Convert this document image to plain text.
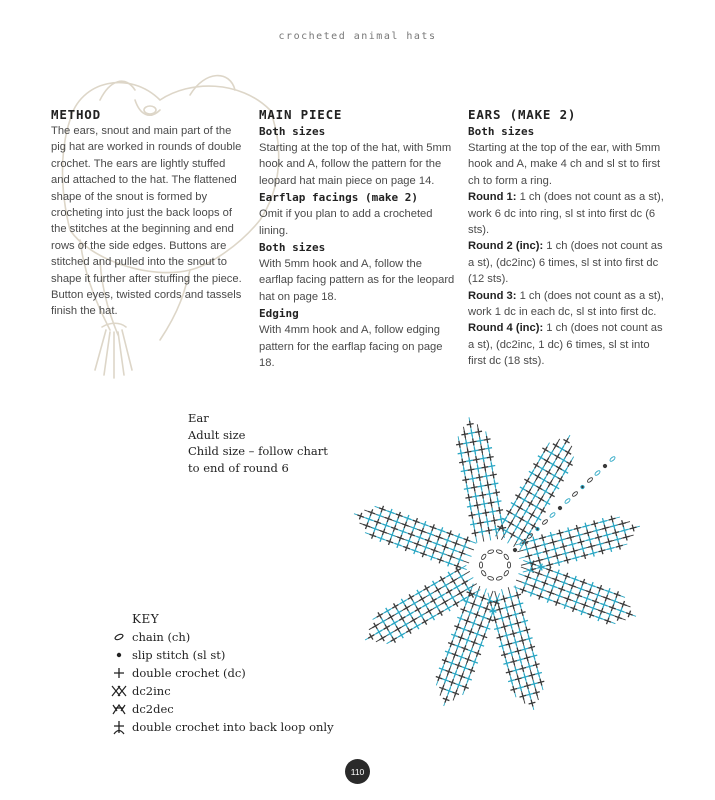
crocheted animal hats
METHOD

The ears, snout and main part of the pig hat are worked in rounds of double crochet. The ears are lightly stuffed and attached to the hat. The flattened shape of the snout is formed by crocheting into just the back loops of the stitches at the beginning and end rows of the side edges. Buttons are stitched and pulled into the snout to shape it further after stuffing the piece. Button eyes, twisted cords and tassels finish the hat.

MAIN PIECE
Both sizes

Starting at the top of the hat, with 5mm hook and A, follow the pattern for the leopard hat main piece on page 14.

Earflap facings (make 2)

Omit if you plan to add a crocheted lining.

Both sizes

With 5mm hook and A, follow the earflap facing pattern as for the leopard hat on page 18.

Edging

With 4mm hook and A, follow edging pattern for the earflap facing on page 18.

EARS (MAKE 2)
Both sizes

Starting at the top of the ear, with 5mm hook and A, make 4 ch and sl st to first ch to form a ring.

Round 1: 1 ch (does not count as a st), work 6 dc into ring, sl st into first dc (6 sts).

Round 2 (inc): 1 ch (does not count as a st), (dc2inc) 6 times, sl st into first dc (12 sts).

Round 3: 1 ch (does not count as a st), work 1 dc in each dc, sl st into first dc.

Round 4 (inc): 1 ch (does not count as a st), (dc2inc, 1 dc) 6 times, sl st into first dc (18 sts).

Ear
Adult size
Child size – follow chart
to end of round 6
KEY
chain (ch)
slip stitch (sl st)
double crochet (dc)
dc2inc
dc2dec
double crochet into back loop only
110
